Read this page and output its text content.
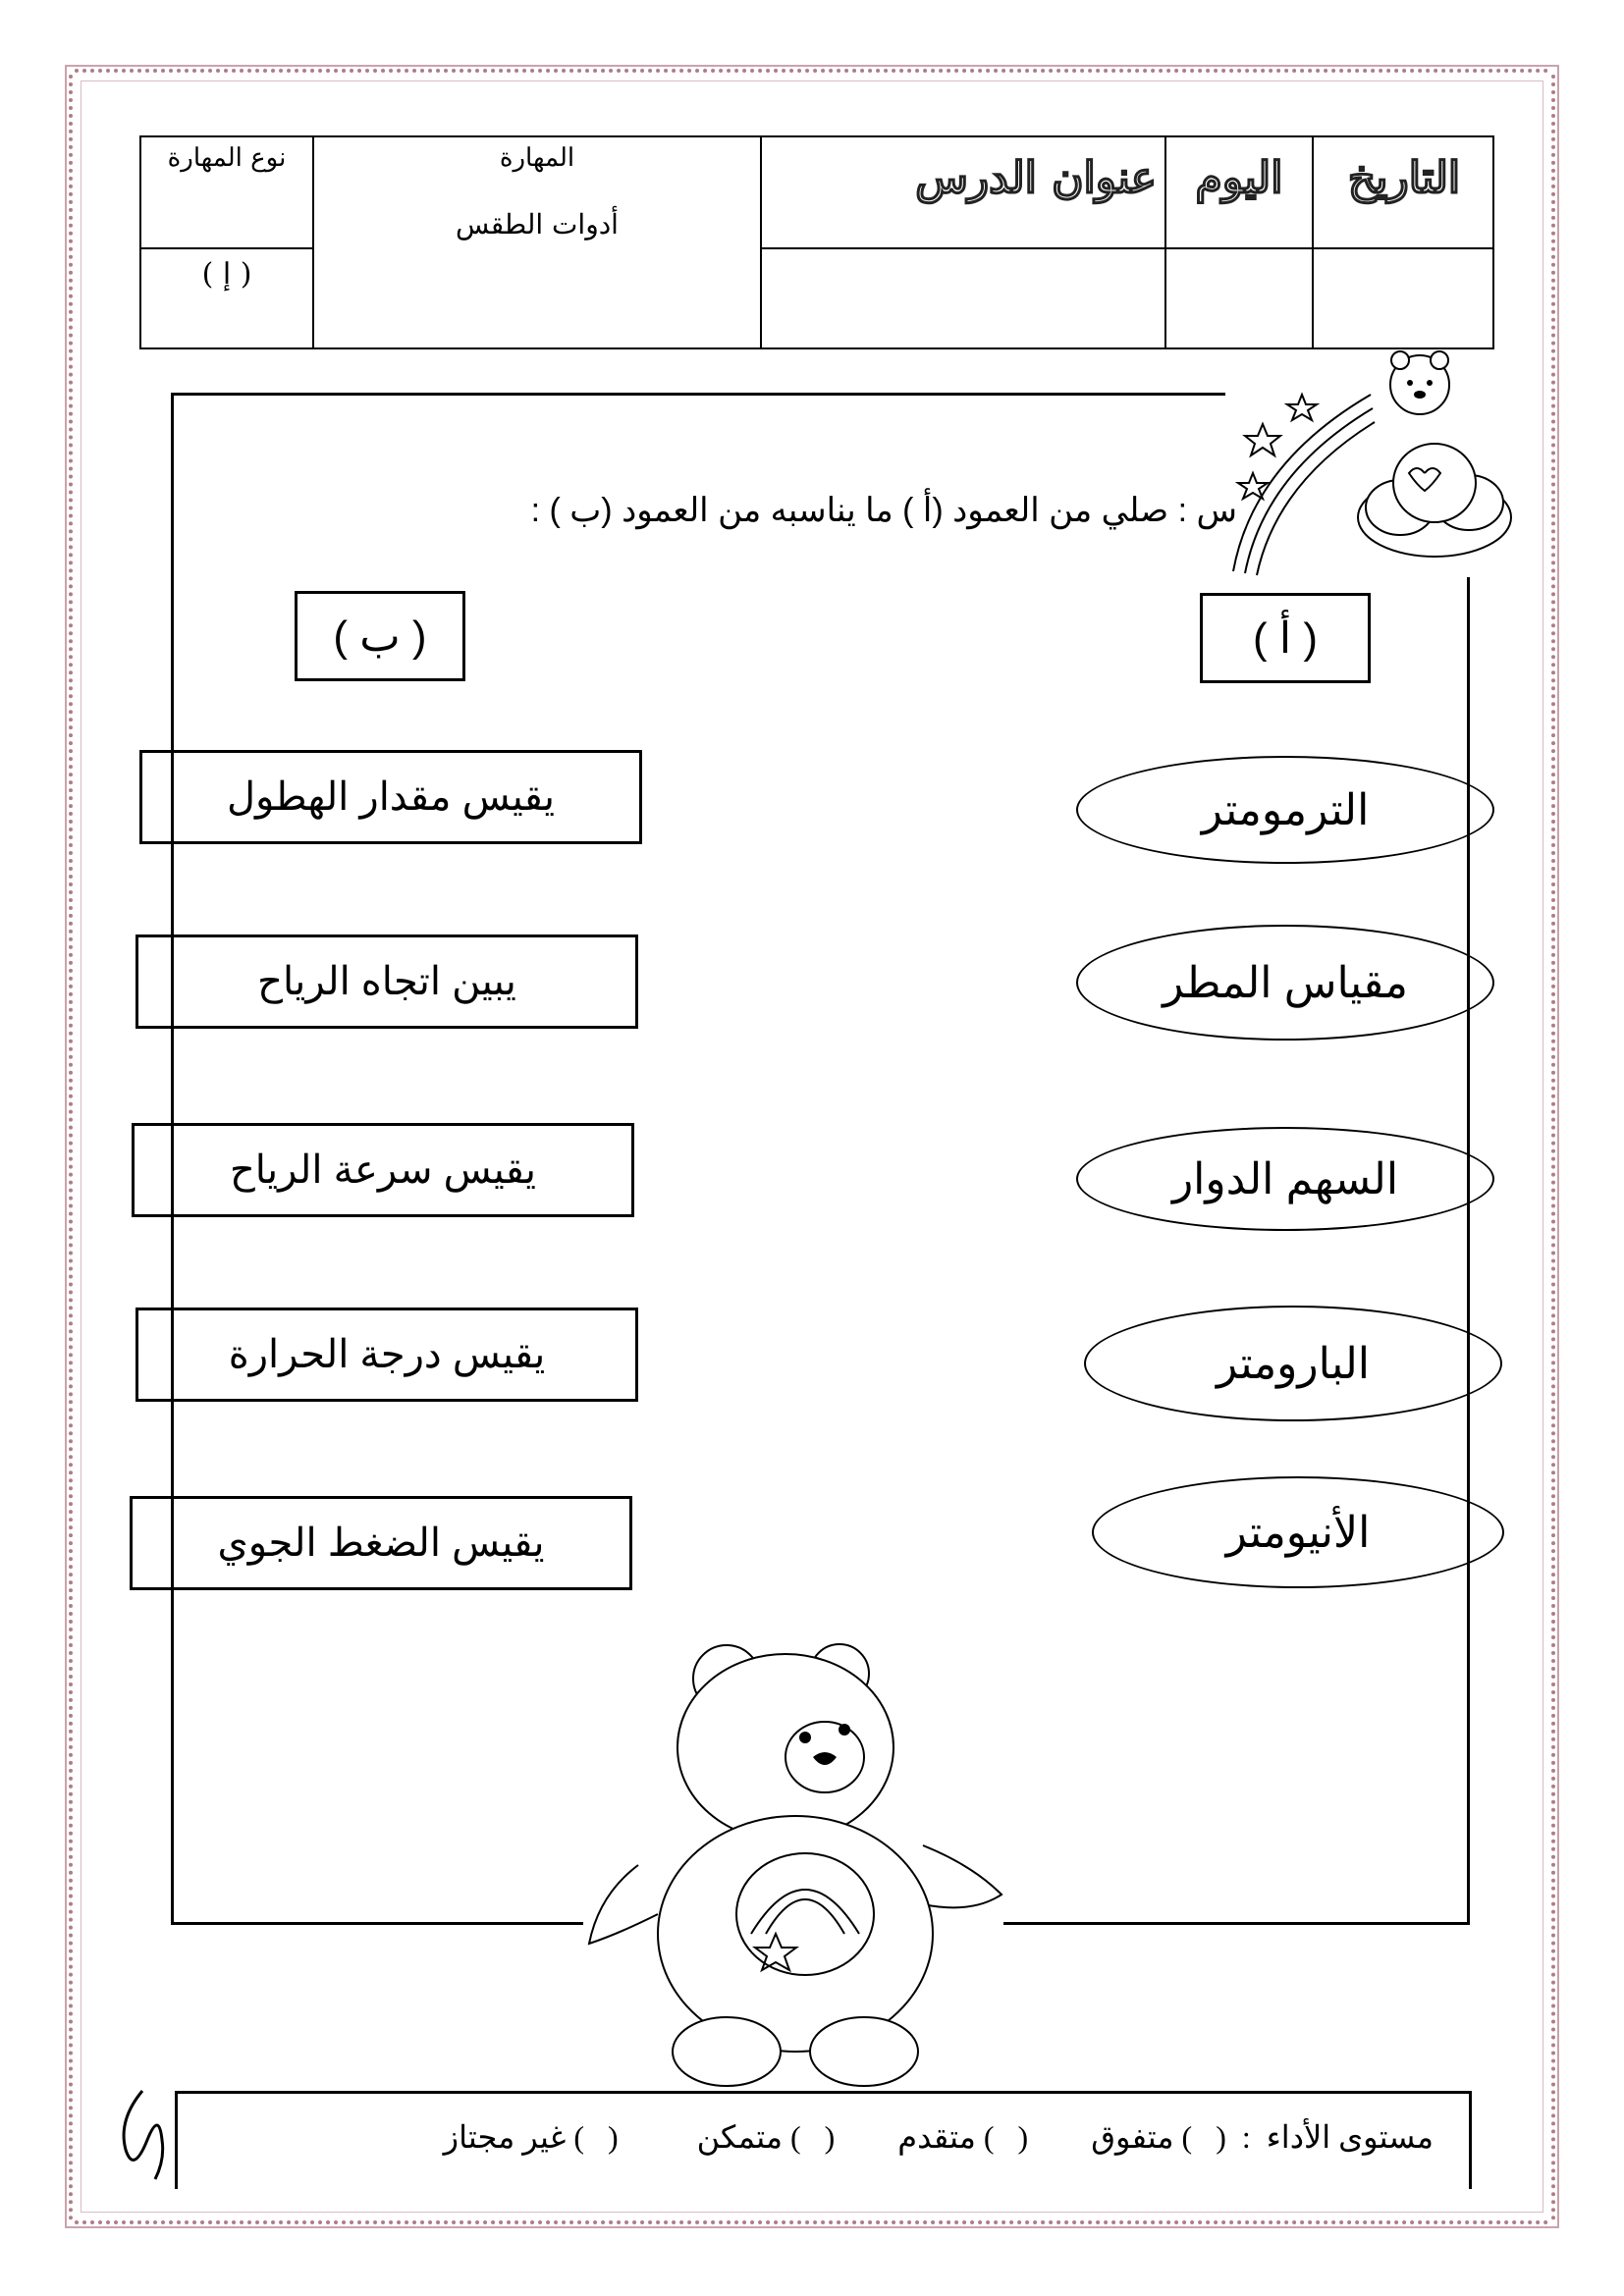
التاريخ
اليوم
عنوان الدرس
المهارة
أدوات الطقس
نوع المهارة
( إ )
س : صلي من العمود (أ ) ما يناسبه من العمود (ب ) :
( أ )
( ب )
الترمومتر
مقياس المطر
السهم الدوار
البارومتر
الأنيومتر
يقيس مقدار الهطول
يبين اتجاه الرياح
يقيس سرعة الرياح
يقيس درجة الحرارة
يقيس الضغط الجوي
مستوى الأداء  :  (   ) متفوق        (   ) متقدم        (   ) متمكن          (   ) غير مجتاز
